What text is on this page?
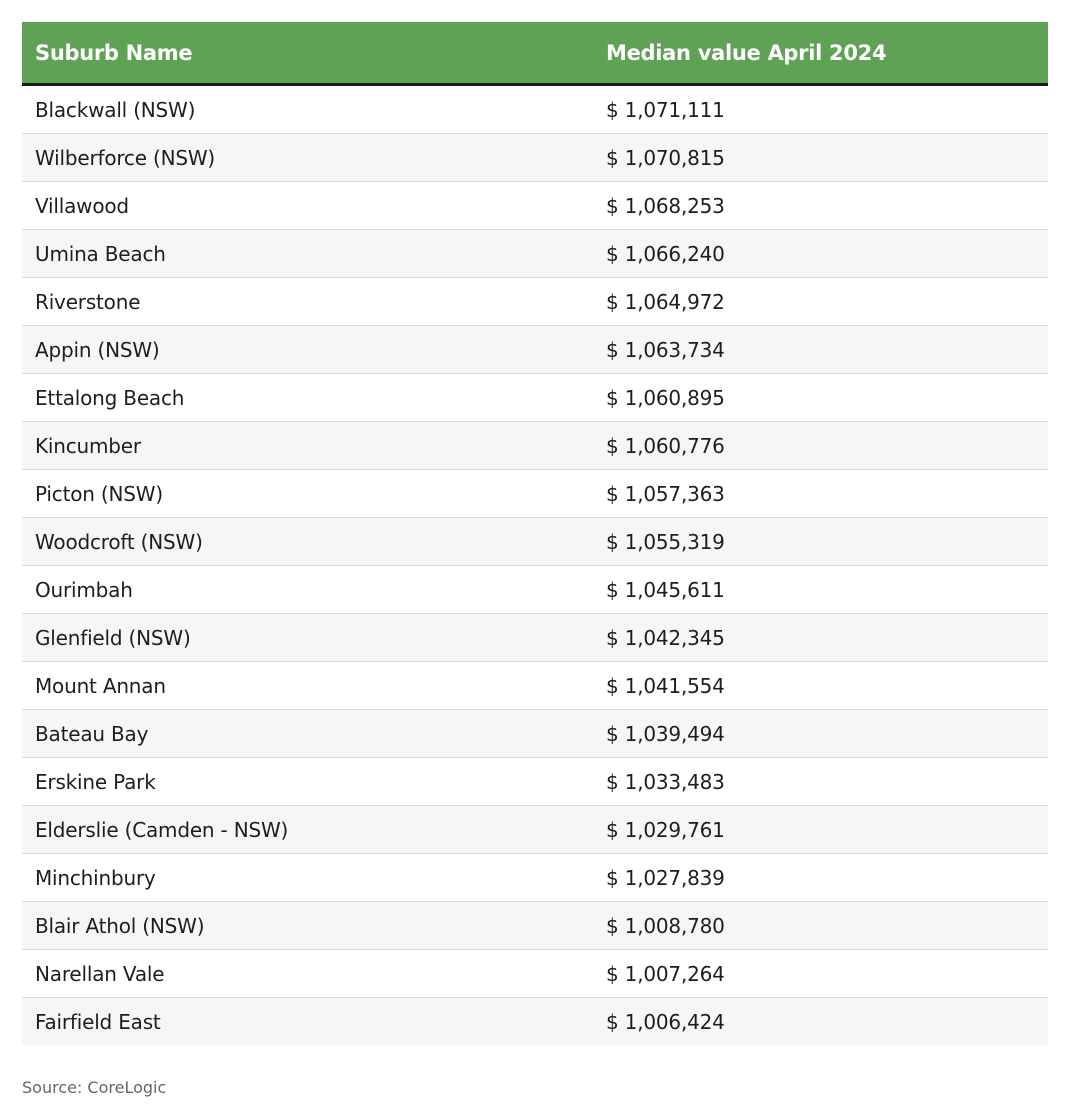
Suburb Name	Median value April 2024
Blackwall (NSW)	$ 1,071,111
Wilberforce (NSW)	$ 1,070,815
Villawood	$ 1,068,253
Umina Beach	$ 1,066,240
Riverstone	$ 1,064,972
Appin (NSW)	$ 1,063,734
Ettalong Beach	$ 1,060,895
Kincumber	$ 1,060,776
Picton (NSW)	$ 1,057,363
Woodcroft (NSW)	$ 1,055,319
Ourimbah	$ 1,045,611
Glenfield (NSW)	$ 1,042,345
Mount Annan	$ 1,041,554
Bateau Bay	$ 1,039,494
Erskine Park	$ 1,033,483
Elderslie (Camden - NSW)	$ 1,029,761
Minchinbury	$ 1,027,839
Blair Athol (NSW)	$ 1,008,780
Narellan Vale	$ 1,007,264
Fairfield East	$ 1,006,424
Source: CoreLogic
